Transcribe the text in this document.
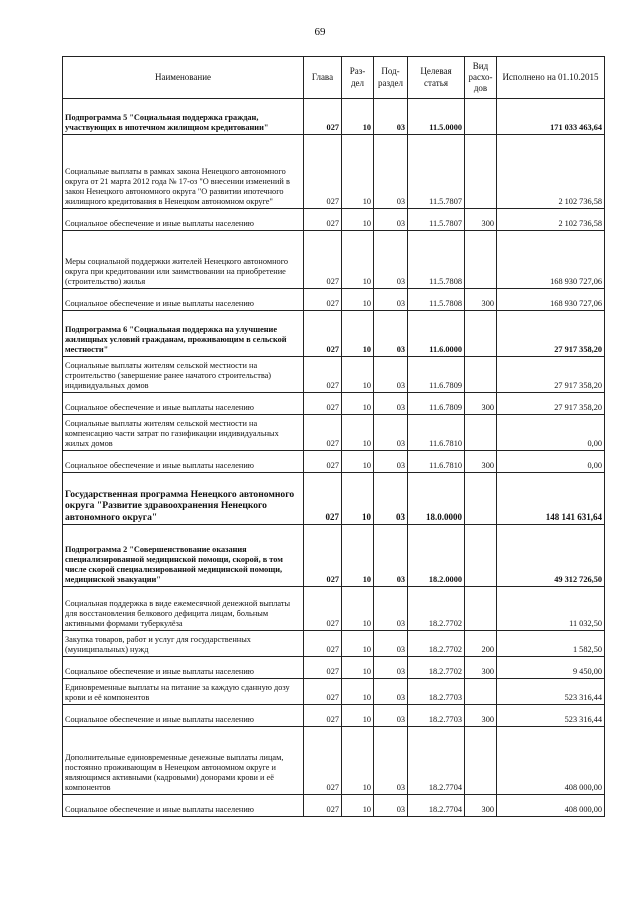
69
Наименование	Глава	Раз-дел	Под-раздел	Целевая статья	Вид расхо-дов	Исполнено на 01.10.2015
Подпрограмма 5 "Социальная поддержка граждан, участвующих в ипотечном жилищном кредитовании"	027	10	03	11.5.0000		171 033 463,64
Социальные выплаты в рамках закона Ненецкого автономного округа от 21 марта 2012 года № 17-оз "О внесении изменений в закон Ненецкого автономного округа "О развитии ипотечного жилищного кредитования в Ненецком автономном округе"	027	10	03	11.5.7807		2 102 736,58
Социальное обеспечение и иные выплаты населению	027	10	03	11.5.7807	300	2 102 736,58
Меры социальной поддержки жителей Ненецкого автономного округа при кредитовании или заимствовании на приобретение (строительство) жилья	027	10	03	11.5.7808		168 930 727,06
Социальное обеспечение и иные выплаты населению	027	10	03	11.5.7808	300	168 930 727,06
Подпрограмма 6 "Социальная поддержка на улучшение жилищных условий гражданам, проживающим в сельской местности"	027	10	03	11.6.0000		27 917 358,20
Социальные выплаты жителям сельской местности на строительство (завершение ранее начатого строительства) индивидуальных домов	027	10	03	11.6.7809		27 917 358,20
Социальное обеспечение и иные выплаты населению	027	10	03	11.6.7809	300	27 917 358,20
Социальные выплаты жителям сельской местности на компенсацию части затрат по газификации индивидуальных жилых домов	027	10	03	11.6.7810		0,00
Социальное обеспечение и иные выплаты населению	027	10	03	11.6.7810	300	0,00
Государственная программа Ненецкого автономного округа "Развитие здравоохранения Ненецкого автономного округа"	027	10	03	18.0.0000		148 141 631,64
Подпрограмма 2 "Совершенствование оказания специализированной медицинской помощи, скорой, в том числе скорой специализированной медицинской помощи, медицинской эвакуации"	027	10	03	18.2.0000		49 312 726,50
Социальная поддержка в виде ежемесячной денежной выплаты для восстановления белкового дефицита лицам, больным активными формами туберкулёза	027	10	03	18.2.7702		11 032,50
Закупка товаров, работ и услуг для государственных (муниципальных) нужд	027	10	03	18.2.7702	200	1 582,50
Социальное обеспечение и иные выплаты населению	027	10	03	18.2.7702	300	9 450,00
Единовременные выплаты на питание за каждую сданную дозу крови и её компонентов	027	10	03	18.2.7703		523 316,44
Социальное обеспечение и иные выплаты населению	027	10	03	18.2.7703	300	523 316,44
Дополнительные единовременные денежные выплаты лицам, постоянно проживающим в Ненецком автономном округе и являющимся активными (кадровыми) донорами крови и её компонентов	027	10	03	18.2.7704		408 000,00
Социальное обеспечение и иные выплаты населению	027	10	03	18.2.7704	300	408 000,00
